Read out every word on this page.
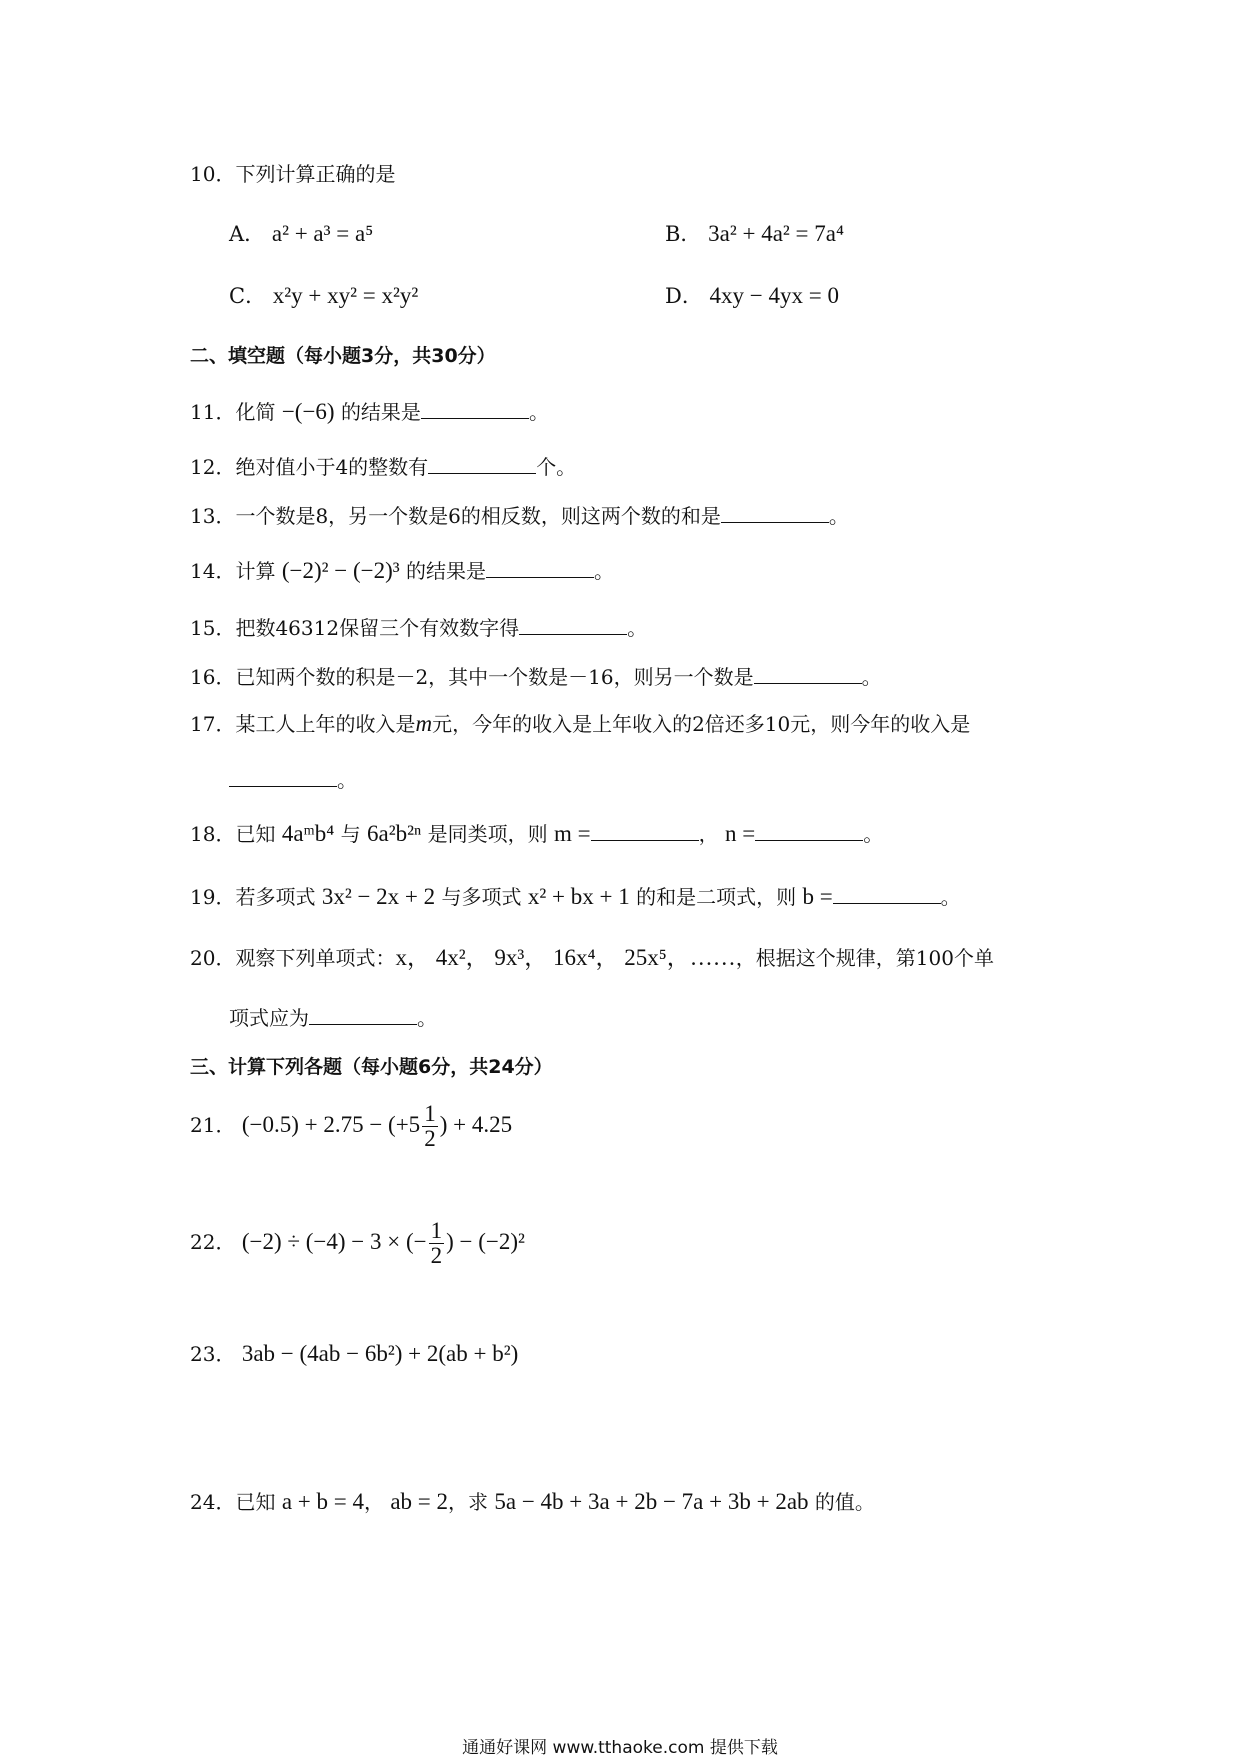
10．下列计算正确的是
A． a² + a³ = a⁵	B． 3a² + 4a² = 7a⁴
C． x²y + xy² = x²y²	D． 4xy − 4yx = 0
二、填空题（每小题3分，共30分）
11．化简 −(−6) 的结果是	。
12．绝对值小于4的整数有	个。
13．一个数是8，另一个数是6的相反数，则这两个数的和是	。
14．计算 (−2)² − (−2)³ 的结果是	。
15．把数46312保留三个有效数字得	。
16．已知两个数的积是－2，其中一个数是－16，则另一个数是	。
17．某工人上年的收入是m元，今年的收入是上年收入的2倍还多10元，则今年的收入是
。
18．已知 4aᵐb⁴ 与 6a²b²ⁿ 是同类项，则 m =	， n =	。
19．若多项式 3x² − 2x + 2 与多项式 x² + bx + 1 的和是二项式，则 b =	。
20．观察下列单项式：x， 4x²， 9x³， 16x⁴， 25x⁵，……，根据这个规律，第100个单
项式应为	。
三、计算下列各题（每小题6分，共24分）
21． $(-0.5) + 2.75 - (+5 \frac{1}{2}$ ) + 4.25
22． (−2) ÷ (−4) − 3 × (− $\frac{1}{2}$ ) − (−2)²
23． 3ab − (4ab − 6b²) + 2(ab + b²)
24．已知 a + b = 4， ab = 2，求 5a − 4b + 3a + 2b − 7a + 3b + 2ab 的值。
通通好课网 www.tthaoke.com 提供下载
